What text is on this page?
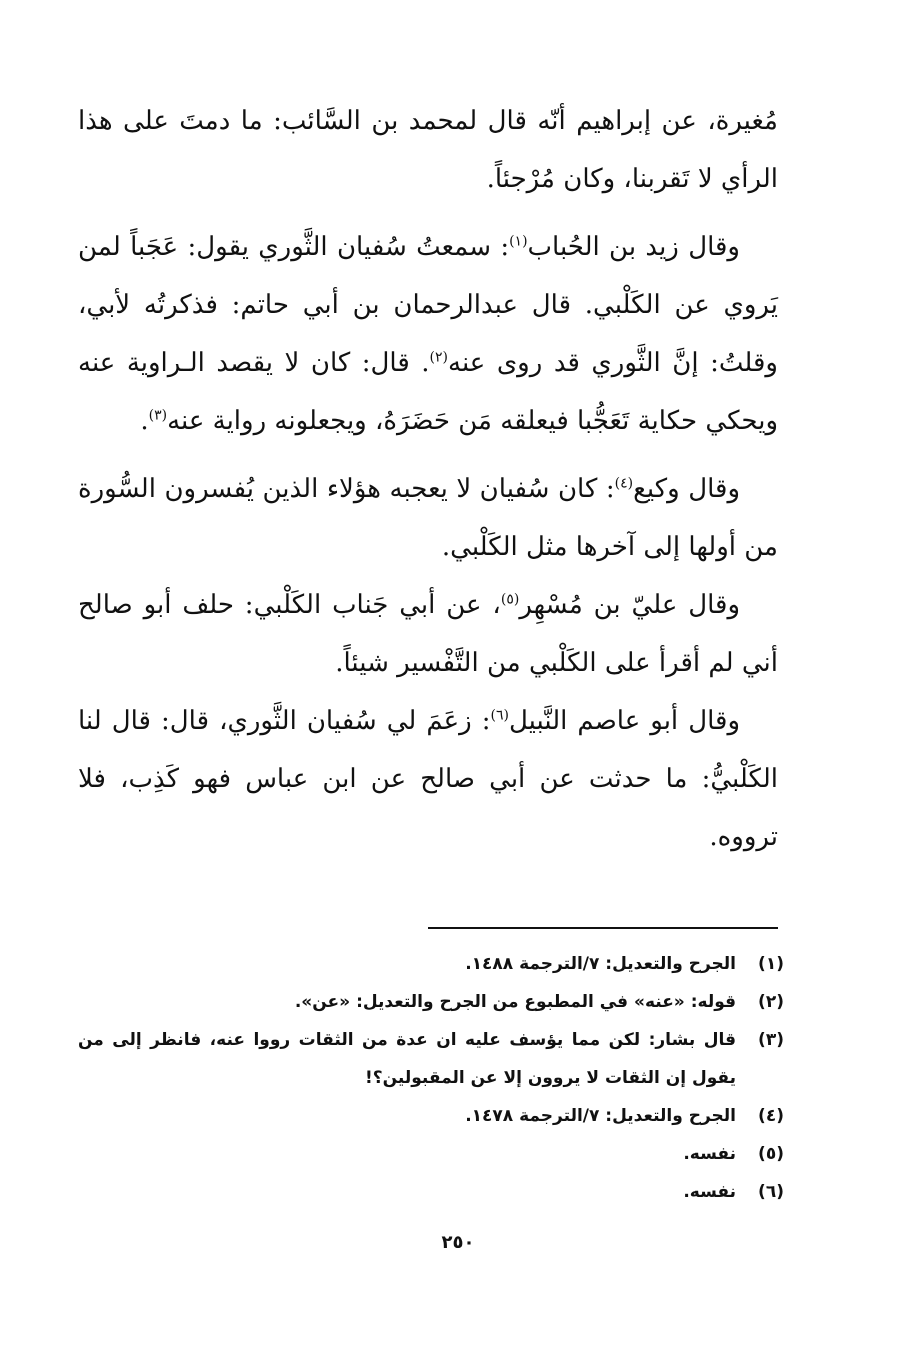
مُغيرة، عن إبراهيم أنّه قال لمحمد بن السَّائب: ما دمتَ على هذا الرأي لا تَقربنا، وكان مُرْجئاً.

وقال زيد بن الحُباب$^{(١)}$: سمعتُ سُفيان الثَّوري يقول: عَجَباً لمن يَروي عن الكَلْبي. قال عبدالرحمان بن أبي حاتم: فذكرتُه لأبي، وقلتُ: إنَّ الثَّوري قد روى عنه$^{(٢)}$. قال: كان لا يقصد الـراوية عنه ويحكي حكاية تَعَجُّبا فيعلقه مَن حَضَرَهُ، ويجعلونه رواية عنه$^{(٣)}$.

وقال وكيع$^{(٤)}$: كان سُفيان لا يعجبه هؤلاء الذين يُفسرون السُّورة من أولها إلى آخرها مثل الكَلْبي.

وقال عليّ بن مُسْهِر$^{(٥)}$، عن أبي جَناب الكَلْبي: حلف أبو صالح أني لم أقرأ على الكَلْبي من التَّفْسير شيئاً.

وقال أبو عاصم النَّبيل$^{(٦)}$: زعَمَ لي سُفيان الثَّوري، قال: قال لنا الكَلْبيُّ: ما حدثت عن أبي صالح عن ابن عباس فهو كَذِب، فلا ترووه.

(١)
الجرح والتعديل: ٧/الترجمة ١٤٨٨.
(٢)
قوله: «عنه» في المطبوع من الجرح والتعديل: «عن».
(٣)
قال بشار: لكن مما يؤسف عليه ان عدة من الثقات رووا عنه، فانظر إلى من يقول إن الثقات لا يروون إلا عن المقبولين؟!
(٤)
الجرح والتعديل: ٧/الترجمة ١٤٧٨.
(٥)
نفسه.
(٦)
نفسه.
٢٥٠
